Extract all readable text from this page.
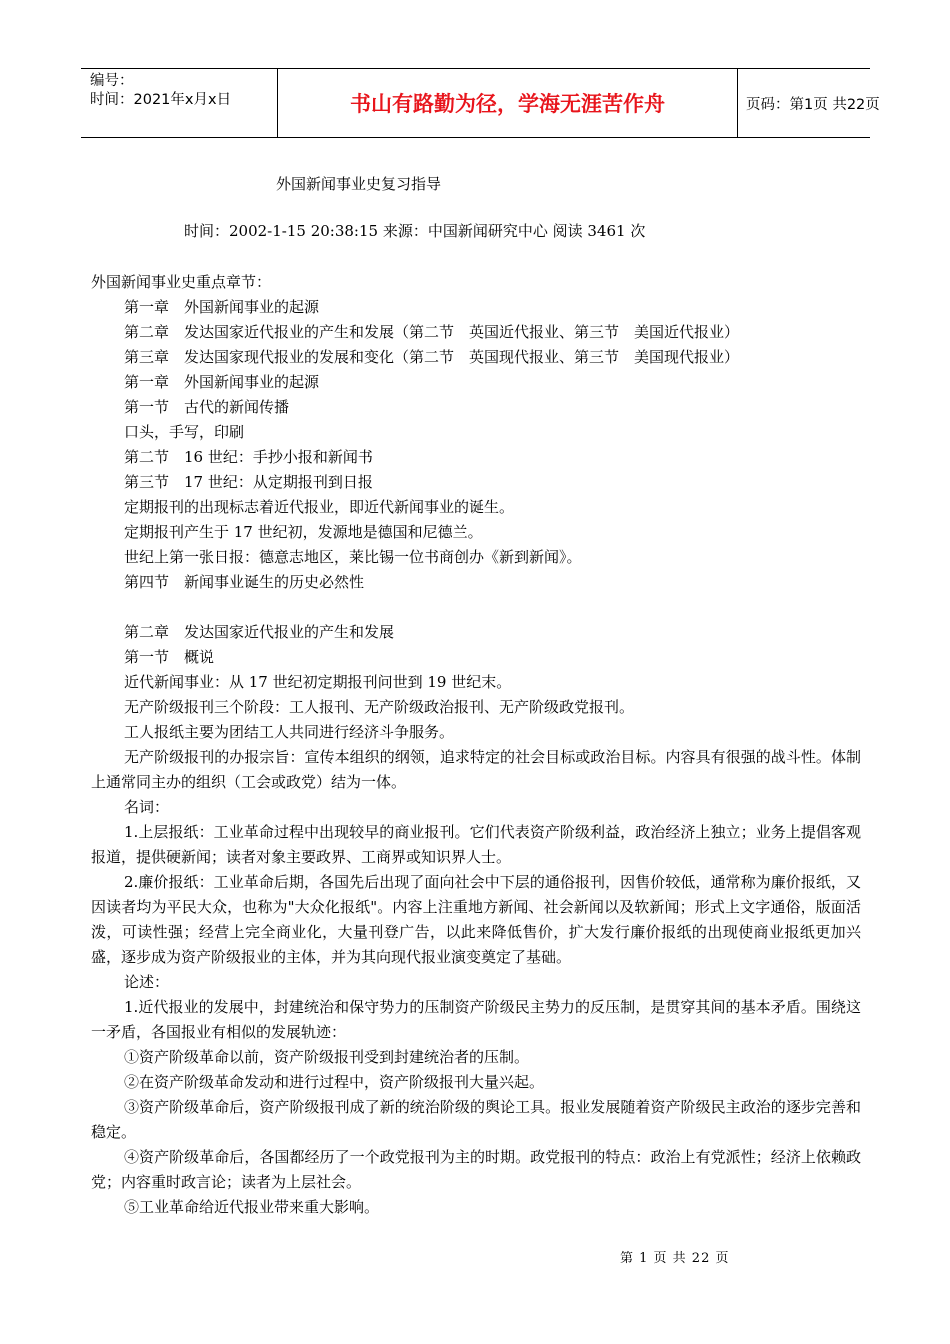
编号：
时间：2021年x月x日	书山有路勤为径，学海无涯苦作舟	页码：第1页 共22页
外国新闻事业史复习指导
时间：2002-1-15 20:38:15 来源：中国新闻研究中心 阅读 3461 次

外国新闻事业史重点章节：

第一章　外国新闻事业的起源

第二章　发达国家近代报业的产生和发展（第二节　英国近代报业、第三节　美国近代报业）

第三章　发达国家现代报业的发展和变化（第二节　英国现代报业、第三节　美国现代报业）

第一章　外国新闻事业的起源

第一节　古代的新闻传播

口头，手写，印刷

第二节　16 世纪：手抄小报和新闻书

第三节　17 世纪：从定期报刊到日报

定期报刊的出现标志着近代报业，即近代新闻事业的诞生。

定期报刊产生于 17 世纪初，发源地是德国和尼德兰。

世纪上第一张日报：德意志地区，莱比锡一位书商创办《新到新闻》。

第四节　新闻事业诞生的历史必然性

第二章　发达国家近代报业的产生和发展

第一节　概说

近代新闻事业：从 17 世纪初定期报刊问世到 19 世纪末。

无产阶级报刊三个阶段：工人报刊、无产阶级政治报刊、无产阶级政党报刊。

工人报纸主要为团结工人共同进行经济斗争服务。

无产阶级报刊的办报宗旨：宣传本组织的纲领，追求特定的社会目标或政治目标。内容具有很强的战斗性。体制上通常同主办的组织（工会或政党）结为一体。

名词：

1.上层报纸：工业革命过程中出现较早的商业报刊。它们代表资产阶级利益，政治经济上独立；业务上提倡客观报道，提供硬新闻；读者对象主要政界、工商界或知识界人士。

2.廉价报纸：工业革命后期，各国先后出现了面向社会中下层的通俗报刊，因售价较低，通常称为廉价报纸，又因读者均为平民大众，也称为"大众化报纸"。内容上注重地方新闻、社会新闻以及软新闻；形式上文字通俗，版面活泼，可读性强；经营上完全商业化，大量刊登广告，以此来降低售价，扩大发行廉价报纸的出现使商业报纸更加兴盛，逐步成为资产阶级报业的主体，并为其向现代报业演变奠定了基础。

论述：

1.近代报业的发展中，封建统治和保守势力的压制资产阶级民主势力的反压制，是贯穿其间的基本矛盾。围绕这一矛盾，各国报业有相似的发展轨迹：

①资产阶级革命以前，资产阶级报刊受到封建统治者的压制。

②在资产阶级革命发动和进行过程中，资产阶级报刊大量兴起。

③资产阶级革命后，资产阶级报刊成了新的统治阶级的舆论工具。报业发展随着资产阶级民主政治的逐步完善和稳定。

④资产阶级革命后，各国都经历了一个政党报刊为主的时期。政党报刊的特点：政治上有党派性；经济上依赖政党；内容重时政言论；读者为上层社会。

⑤工业革命给近代报业带来重大影响。

第 1 页 共 22 页
